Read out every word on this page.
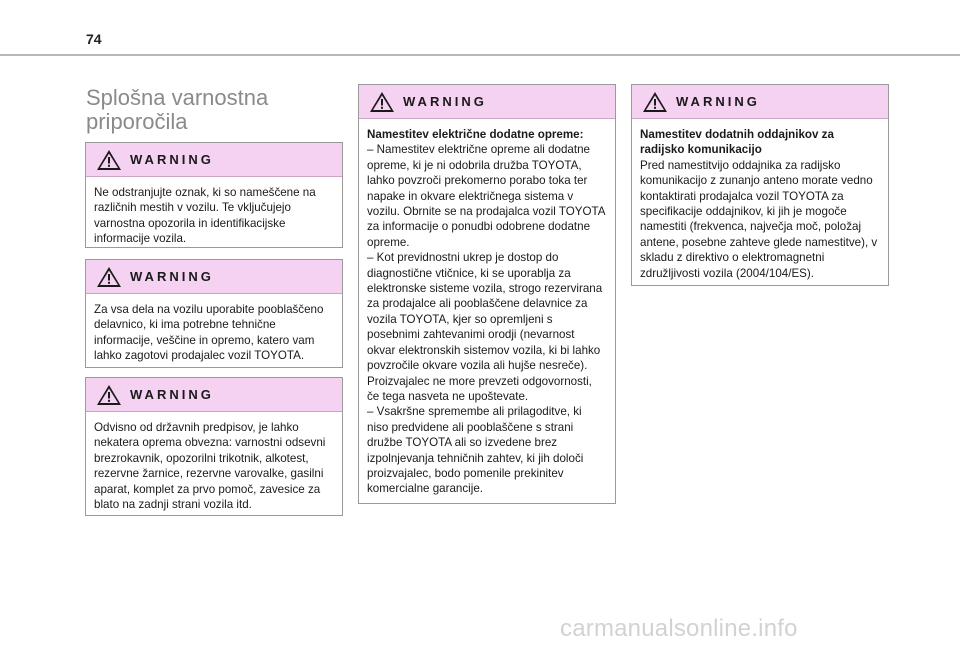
74
Splošna varnostna priporočila
WARNING

Ne odstranjujte oznak, ki so nameščene na različnih mestih v vozilu. Te vključujejo varnostna opozorila in identifikacijske informacije vozila.

WARNING

Za vsa dela na vozilu uporabite pooblaščeno delavnico, ki ima potrebne tehnične informacije, veščine in opremo, katero vam lahko zagotovi prodajalec vozil TOYOTA.

WARNING

Odvisno od državnih predpisov, je lahko nekatera oprema obvezna: varnostni odsevni brezrokavnik, opozorilni trikotnik, alkotest, rezervne žarnice, rezervne varovalke, gasilni aparat, komplet za prvo pomoč, zavesice za blato na zadnji strani vozila itd.

WARNING

Namestitev električne dodatne opreme:

– Namestitev električne opreme ali dodatne opreme, ki je ni odobrila družba TOYOTA, lahko povzroči prekomerno porabo toka ter napake in okvare električnega sistema v vozilu. Obrnite se na prodajalca vozil TOYOTA za informacije o ponudbi odobrene dodatne opreme.

– Kot previdnostni ukrep je dostop do diagnostične vtičnice, ki se uporablja za elektronske sisteme vozila, strogo rezervirana za prodajalce ali pooblaščene delavnice za vozila TOYOTA, kjer so opremljeni s posebnimi zahtevanimi orodji (nevarnost okvar elektronskih sistemov vozila, ki bi lahko povzročile okvare vozila ali hujše nesreče). Proizvajalec ne more prevzeti odgovornosti, če tega nasveta ne upoštevate.

– Vsakršne spremembe ali prilagoditve, ki niso predvidene ali pooblaščene s strani družbe TOYOTA ali so izvedene brez izpolnjevanja tehničnih zahtev, ki jih določi proizvajalec, bodo pomenile prekinitev komercialne garancije.

WARNING

Namestitev dodatnih oddajnikov za radijsko komunikacijo

Pred namestitvijo oddajnika za radijsko komunikacijo z zunanjo anteno morate vedno kontaktirati prodajalca vozil TOYOTA za specifikacije oddajnikov, ki jih je mogoče namestiti (frekvenca, največja moč, položaj antene, posebne zahteve glede namestitve), v skladu z direktivo o elektromagnetni združljivosti vozila (2004/104/ES).

carmanualsonline.info
